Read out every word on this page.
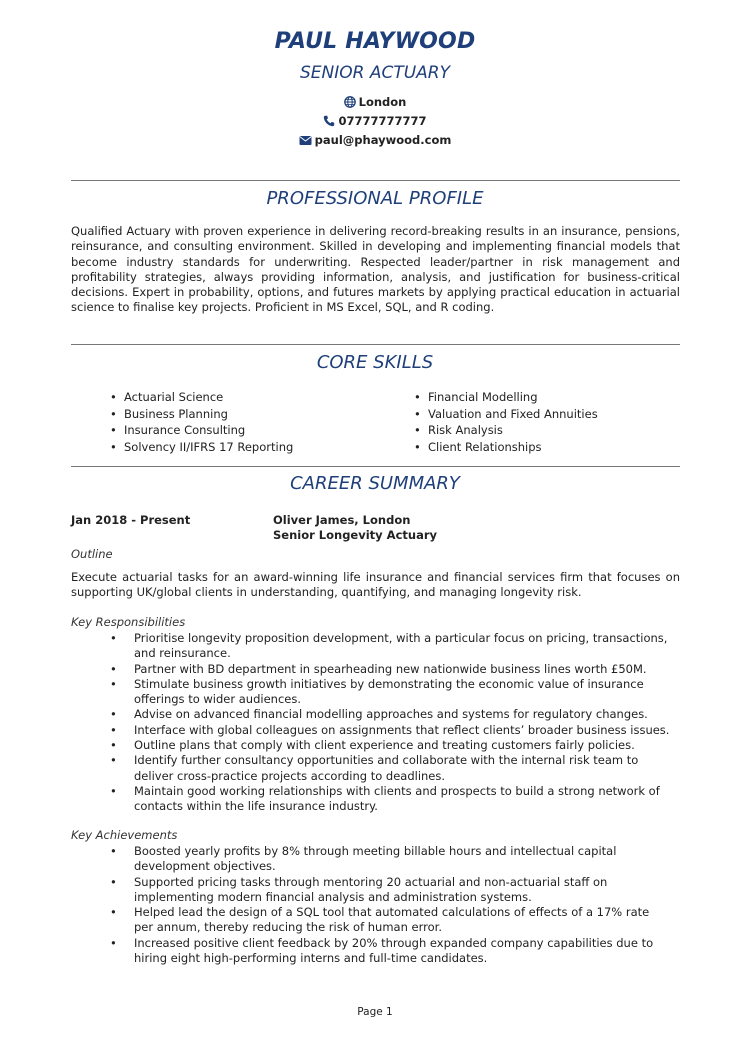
PAUL HAYWOOD
SENIOR ACTUARY
London
07777777777
paul@phaywood.com
PROFESSIONAL PROFILE
Qualified Actuary with proven experience in delivering record-breaking results in an insurance, pensions, reinsurance, and consulting environment. Skilled in developing and implementing financial models that become industry standards for underwriting. Respected leader/partner in risk management and profitability strategies, always providing information, analysis, and justification for business-critical decisions. Expert in probability, options, and futures markets by applying practical education in actuarial science to finalise key projects. Proficient in MS Excel, SQL, and R coding.
CORE SKILLS
• Actuarial Science
• Business Planning
• Insurance Consulting
• Solvency II/IFRS 17 Reporting
• Financial Modelling
• Valuation and Fixed Annuities
• Risk Analysis
• Client Relationships
CAREER SUMMARY
Jan 2018 - Present	Oliver James, London
Senior Longevity Actuary
Outline
Execute actuarial tasks for an award-winning life insurance and financial services firm that focuses on supporting UK/global clients in understanding, quantifying, and managing longevity risk.
Key Responsibilities
• Prioritise longevity proposition development, with a particular focus on pricing, transactions, and reinsurance.
• Partner with BD department in spearheading new nationwide business lines worth £50M.
• Stimulate business growth initiatives by demonstrating the economic value of insurance offerings to wider audiences.
• Advise on advanced financial modelling approaches and systems for regulatory changes.
• Interface with global colleagues on assignments that reflect clients’ broader business issues.
• Outline plans that comply with client experience and treating customers fairly policies.
• Identify further consultancy opportunities and collaborate with the internal risk team to deliver cross-practice projects according to deadlines.
• Maintain good working relationships with clients and prospects to build a strong network of contacts within the life insurance industry.
Key Achievements
• Boosted yearly profits by 8% through meeting billable hours and intellectual capital development objectives.
• Supported pricing tasks through mentoring 20 actuarial and non-actuarial staff on implementing modern financial analysis and administration systems.
• Helped lead the design of a SQL tool that automated calculations of effects of a 17% rate per annum, thereby reducing the risk of human error.
• Increased positive client feedback by 20% through expanded company capabilities due to hiring eight high-performing interns and full-time candidates.
Page 1
